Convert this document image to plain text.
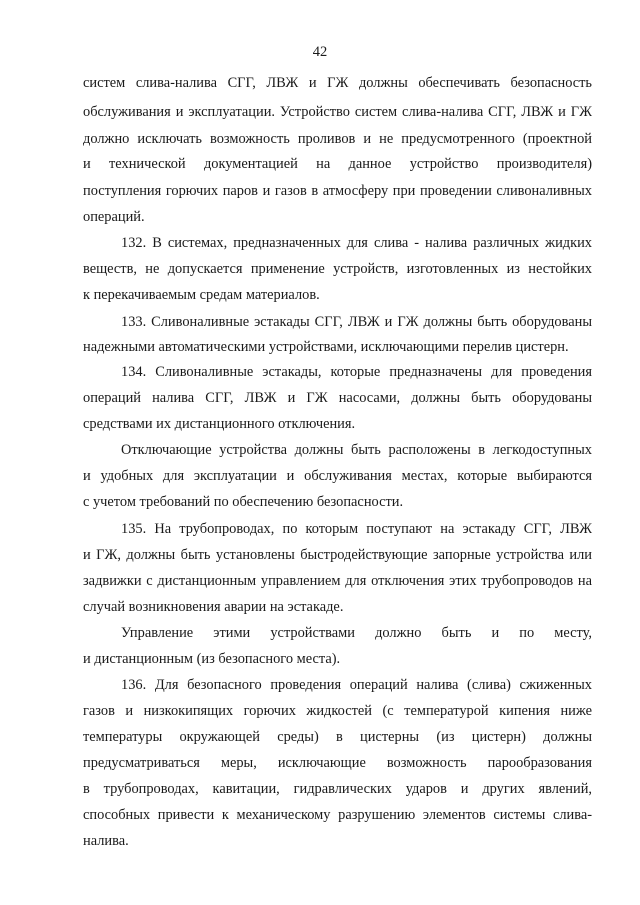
42
систем слива-налива СГГ, ЛВЖ и ГЖ должны обеспечивать безопасность
обслуживания и эксплуатации. Устройство систем слива-налива СГГ, ЛВЖ и ГЖ
должно исключать возможность проливов и не предусмотренного (проектной
и технической документацией на данное устройство производителя)
поступления горючих паров и газов в атмосферу при проведении сливоналивных
операций.
132. В системах, предназначенных для слива - налива различных жидких
веществ, не допускается применение устройств, изготовленных из нестойких
к перекачиваемым средам материалов.
133. Сливоналивные эстакады СГГ, ЛВЖ и ГЖ должны быть оборудованы
надежными автоматическими устройствами, исключающими перелив цистерн.
134. Сливоналивные эстакады, которые предназначены для проведения
операций налива СГГ, ЛВЖ и ГЖ насосами, должны быть оборудованы
средствами их дистанционного отключения.
Отключающие устройства должны быть расположены в легкодоступных
и удобных для эксплуатации и обслуживания местах, которые выбираются
с учетом требований по обеспечению безопасности.
135. На трубопроводах, по которым поступают на эстакаду СГГ, ЛВЖ
и ГЖ, должны быть установлены быстродействующие запорные устройства или
задвижки с дистанционным управлением для отключения этих трубопроводов на
случай возникновения аварии на эстакаде.
Управление этими устройствами должно быть и по месту,
и дистанционным (из безопасного места).
136. Для безопасного проведения операций налива (слива) сжиженных
газов и низкокипящих горючих жидкостей (с температурой кипения ниже
температуры окружающей среды) в цистерны (из цистерн) должны
предусматриваться меры, исключающие возможность парообразования
в трубопроводах, кавитации, гидравлических ударов и других явлений,
способных привести к механическому разрушению элементов системы слива-
налива.
